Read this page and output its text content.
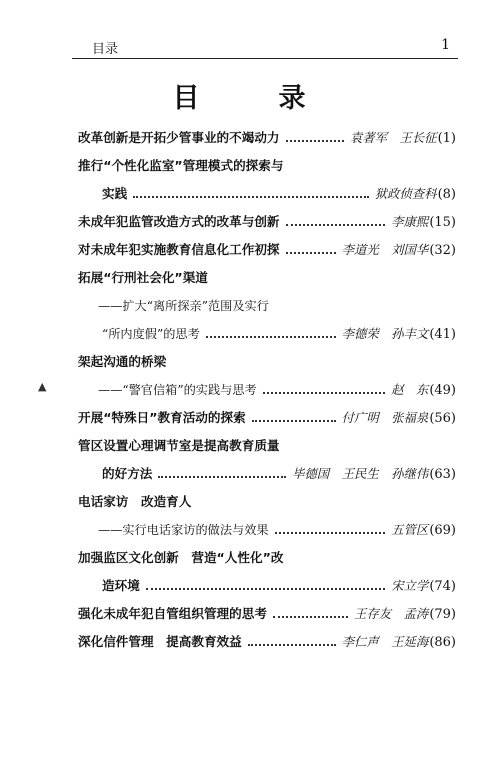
目录	1
目　录
改革创新是开拓少管事业的不竭动力	袁著军　王长征 (1)
推行“个性化监室”管理模式的探索与
实践	狱政侦查科 (8)
未成年犯监管改造方式的改革与创新	李康熙 (15)
对未成年犯实施教育信息化工作初探	李道光　刘国华 (32)
拓展“行刑社会化”渠道
——扩大“离所探亲”范围及实行
“所内度假”的思考	李德荣　孙丰文 (41)
架起沟通的桥梁
——“警官信箱”的实践与思考	赵　东 (49)
开展“特殊日”教育活动的探索	付广明　张福泉 (56)
管区设置心理调节室是提高教育质量
的好方法	毕德国　王民生　孙继伟 (63)
电话家访　改造育人
——实行电话家访的做法与效果	五管区 (69)
加强监区文化创新　营造“人性化”改
造环境	宋立学 (74)
强化未成年犯自管组织管理的思考	王存友　孟涛 (79)
深化信件管理　提高教育效益	李仁声　王延海 (86)
▲
